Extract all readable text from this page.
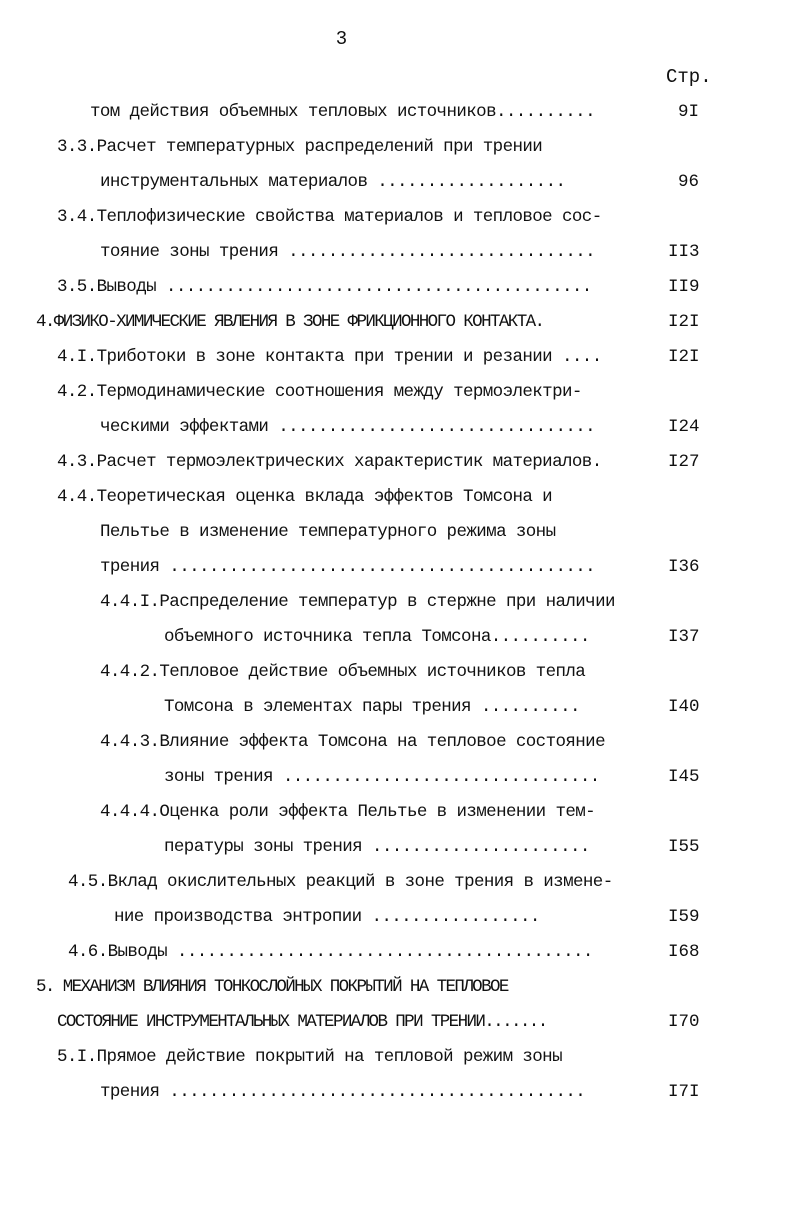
3
Стр.
том действия объемных тепловых источников..........	9I
3.3.Расчет температурных распределений при трении
инструментальных материалов ...................	96
3.4.Теплофизические свойства материалов и тепловое сос-
тояние зоны трения ...............................	II3
3.5.Выводы ...........................................	II9
4.ФИЗИКО-ХИМИЧЕСКИЕ ЯВЛЕНИЯ В ЗОНЕ ФРИКЦИОННОГО КОНТАКТА.	I2I
4.I.Триботоки в зоне контакта при трении и резании ....	I2I
4.2.Термодинамические соотношения между термоэлектри-
ческими эффектами ................................	I24
4.3.Расчет термоэлектрических характеристик материалов.	I27
4.4.Теоретическая оценка вклада эффектов Томсона и
Пельтье в изменение температурного режима зоны
трения ...........................................	I36
4.4.I.Распределение температур в стержне при наличии
объемного источника тепла Томсона..........	I37
4.4.2.Тепловое действие объемных источников тепла
Томсона в элементах пары трения ..........	I40
4.4.3.Влияние эффекта Томсона на тепловое состояние
зоны трения ................................	I45
4.4.4.Оценка роли эффекта Пельтье в изменении тем-
пературы зоны трения ......................	I55
4.5.Вклад окислительных реакций в зоне трения в измене-
ние производства энтропии .................	I59
4.6.Выводы ..........................................	I68
5. МЕХАНИЗМ ВЛИЯНИЯ ТОНКОСЛОЙНЫХ ПОКРЫТИЙ НА ТЕПЛОВОЕ
СОСТОЯНИЕ ИНСТРУМЕНТАЛЬНЫХ МАТЕРИАЛОВ ПРИ ТРЕНИИ.......	I70
5.I.Прямое действие покрытий на тепловой режим зоны
трения ..........................................	I7I
